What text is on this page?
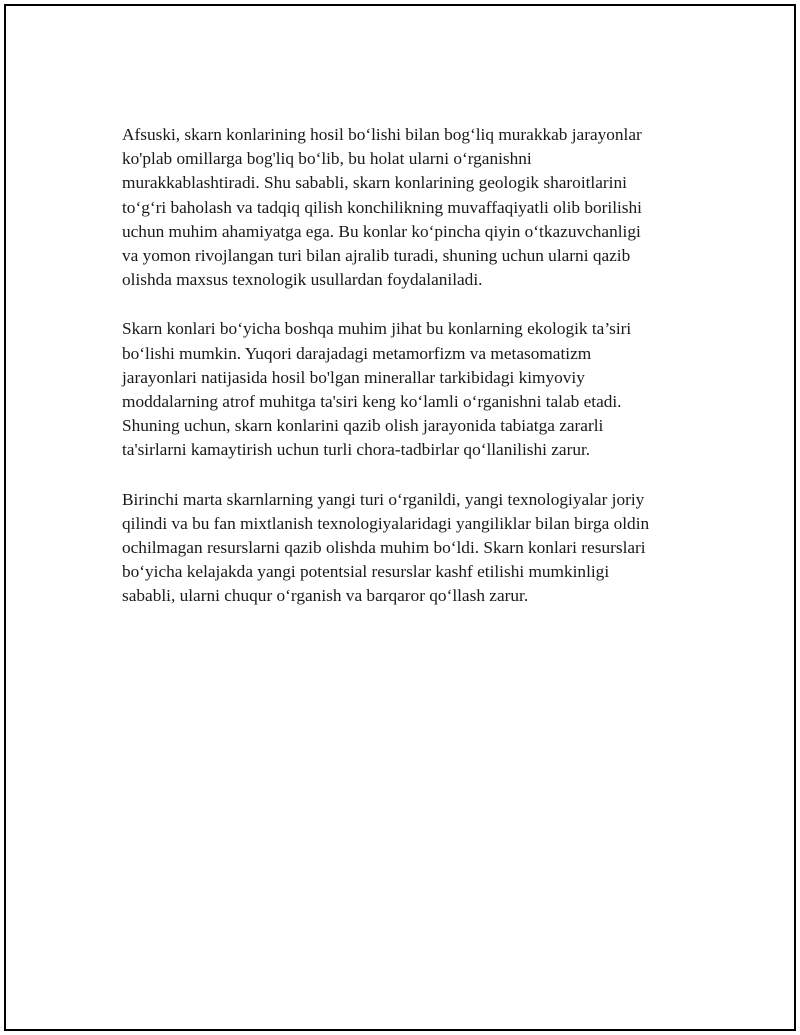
Afsuski, skarn konlarining hosil bo‘lishi bilan bog‘liq murakkab jarayonlar
ko'plab omillarga bog'liq bo‘lib, bu holat ularni o‘rganishni
murakkablashtiradi. Shu sababli, skarn konlarining geologik sharoitlarini
to‘g‘ri baholash va tadqiq qilish konchilikning muvaffaqiyatli olib borilishi
uchun muhim ahamiyatga ega. Bu konlar ko‘pincha qiyin o‘tkazuvchanligi
va yomon rivojlangan turi bilan ajralib turadi, shuning uchun ularni qazib
olishda maxsus texnologik usullardan foydalaniladi.

Skarn konlari bo‘yicha boshqa muhim jihat bu konlarning ekologik ta’siri
bo‘lishi mumkin. Yuqori darajadagi metamorfizm va metasomatizm
jarayonlari natijasida hosil bo'lgan minerallar tarkibidagi kimyoviy
moddalarning atrof muhitga ta'siri keng ko‘lamli o‘rganishni talab etadi.
Shuning uchun, skarn konlarini qazib olish jarayonida tabiatga zararli
ta'sirlarni kamaytirish uchun turli chora-tadbirlar qo‘llanilishi zarur.

Birinchi marta skarnlarning yangi turi o‘rganildi, yangi texnologiyalar joriy
qilindi va bu fan mixtlanish texnologiyalaridagi yangiliklar bilan birga oldin
ochilmagan resurslarni qazib olishda muhim bo‘ldi. Skarn konlari resurslari
bo‘yicha kelajakda yangi potentsial resurslar kashf etilishi mumkinligi
sababli, ularni chuqur o‘rganish va barqaror qo‘llash zarur.
